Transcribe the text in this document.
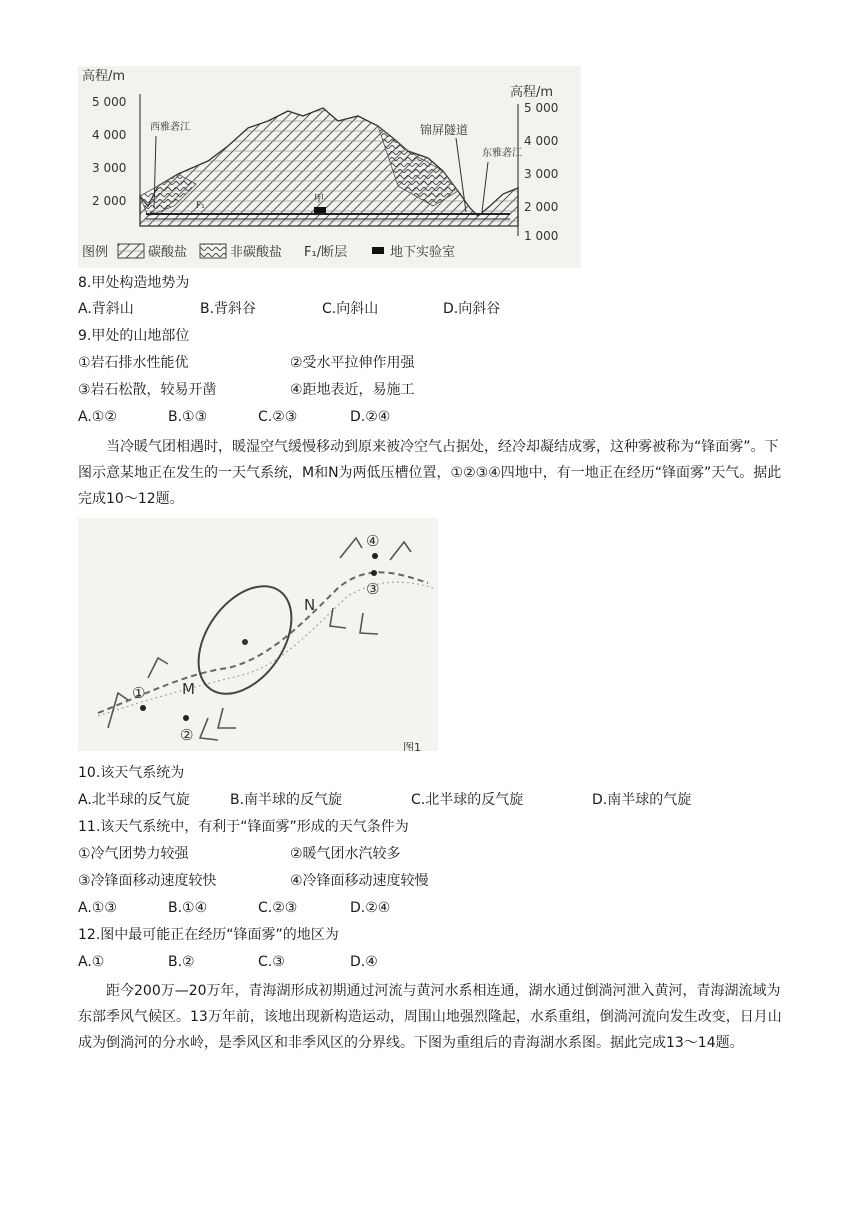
高程/m
5 000
4 000
3 000
2 000
高程/m
5 000
4 000
3 000
2 000
1 000
西雅砻江	锦屏隧道
东雅砻江
甲
F₁
图例	碳酸盐	非碳酸盐 F₁/断层	地下实验室
8.甲处构造地势为
A.背斜山	B.背斜谷	C.向斜山	D.向斜谷
9.甲处的山地部位
①岩石排水性能优	②受水平拉伸作用强
③岩石松散，较易开凿	④距地表近，易施工
A.①②	B.①③	C.②③	D.②④
当冷暖气团相遇时，暖湿空气缓慢移动到原来被冷空气占据处，经冷却凝结成雾，这种雾被称为“锋面雾”。下图示意某地正在发生的一天气系统，M和N为两低压槽位置，①②③④四地中，有一地正在经历“锋面雾”天气。据此完成10～12题。
M
N
①
②
③
④
图1
10.该天气系统为
A.北半球的反气旋	B.南半球的反气旋	C.北半球的反气旋	D.南半球的气旋
11.该天气系统中，有利于“锋面雾”形成的天气条件为
①冷气团势力较强	②暖气团水汽较多
③冷锋面移动速度较快	④冷锋面移动速度较慢
A.①③	B.①④	C.②③	D.②④
12.图中最可能正在经历“锋面雾”的地区为
A.①	B.②	C.③	D.④
距今200万—20万年，青海湖形成初期通过河流与黄河水系相连通，湖水通过倒淌河泄入黄河，青海湖流域为东部季风气候区。13万年前，该地出现新构造运动，周围山地强烈隆起，水系重组，倒淌河流向发生改变，日月山成为倒淌河的分水岭，是季风区和非季风区的分界线。下图为重组后的青海湖水系图。据此完成13～14题。
